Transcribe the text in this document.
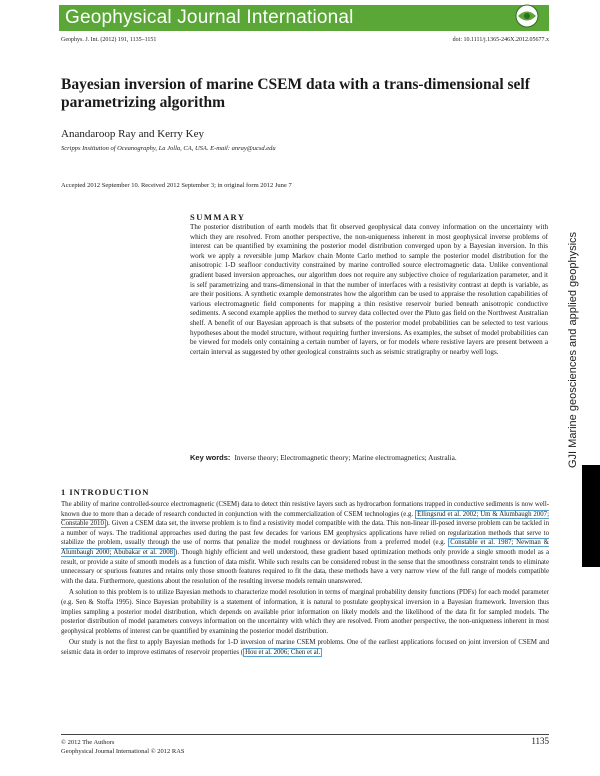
Geophysical Journal International
Geophys. J. Int. (2012) 191, 1135–1151	doi: 10.1111/j.1365-246X.2012.05677.x
Bayesian inversion of marine CSEM data with a trans-dimensional self parametrizing algorithm
Anandaroop Ray and Kerry Key
Scripps Institution of Oceanography, La Jolla, CA, USA. E-mail: anray@ucsd.edu
Accepted 2012 September 10. Received 2012 September 3; in original form 2012 June 7
SUMMARY

The posterior distribution of earth models that fit observed geophysical data convey information on the uncertainty with which they are resolved. From another perspective, the non-uniqueness inherent in most geophysical inverse problems of interest can be quantified by examining the posterior model distribution converged upon by a Bayesian inversion. In this work we apply a reversible jump Markov chain Monte Carlo method to sample the posterior model distribution for the anisotropic 1-D seafloor conductivity constrained by marine controlled source electromagnetic data. Unlike conventional gradient based inversion approaches, our algorithm does not require any subjective choice of regularization parameter, and it is self parametrizing and trans-dimensional in that the number of interfaces with a resistivity contrast at depth is variable, as are their positions. A synthetic example demonstrates how the algorithm can be used to appraise the resolution capabilities of various electromagnetic field components for mapping a thin resistive reservoir buried beneath anisotropic conductive sediments. A second example applies the method to survey data collected over the Pluto gas field on the Northwest Australian shelf. A benefit of our Bayesian approach is that subsets of the posterior model probabilities can be selected to test various hypotheses about the model structure, without requiring further inversions. As examples, the subset of model probabilities can be viewed for models only containing a certain number of layers, or for models where resistive layers are present between a certain interval as suggested by other geological constraints such as seismic stratigraphy or nearby well logs.

Key words: Inverse theory; Electromagnetic theory; Marine electromagnetics; Australia.
1 INTRODUCTION

The ability of marine controlled-source electromagnetic (CSEM) data to detect thin resistive layers such as hydrocarbon formations trapped in conductive sediments is now well-known due to more than a decade of research conducted in conjunction with the commercialization of CSEM technologies (e.g. Ellingsrud et al. 2002; Um & Alumbaugh 2007; Constable 2010 ). Given a CSEM data set, the inverse problem is to find a resistivity model compatible with the data. This non-linear ill-posed inverse problem can be tackled in a number of ways. The traditional approaches used during the past few decades for various EM geophysics applications have relied on regularization methods that serve to stabilize the problem, usually through the use of norms that penalize the model roughness or deviations from a preferred model (e.g. Constable et al. 1987; Newman & Alumbaugh 2000; Abubakar et al. 2008 ). Though highly efficient and well understood, these gradient based optimization methods only provide a single smooth model as a result, or provide a suite of smooth models as a function of data misfit. While such results can be considered robust in the sense that the smoothness constraint tends to eliminate unnecessary or spurious features and retains only those smooth features required to fit the data, these methods have a very narrow view of the full range of models compatible with the data. Furthermore, questions about the resolution of the resulting inverse models remain unanswered.

A solution to this problem is to utilize Bayesian methods to characterize model resolution in terms of marginal probability density functions (PDFs) for each model parameter (e.g. Sen & Stoffa 1995). Since Bayesian probability is a statement of information, it is natural to postulate geophysical inversion in a Bayesian framework. Inversion thus implies sampling a posterior model distribution, which depends on available prior information on likely models and the likelihood of the data fit for sampled models. The posterior distribution of model parameters conveys information on the uncertainty with which they are resolved. From another perspective, the non-uniqueness inherent in most geophysical problems of interest can be quantified by examining the posterior model distribution.

Our study is not the first to apply Bayesian methods for 1-D inversion of marine CSEM problems. One of the earliest applications focused on joint inversion of CSEM and seismic data in order to improve estimates of reservoir properties ( Hou et al. 2006; Chen et al.

GJI Marine geosciences and applied geophysics
© 2012 The Authors
Geophysical Journal International © 2012 RAS
1135
